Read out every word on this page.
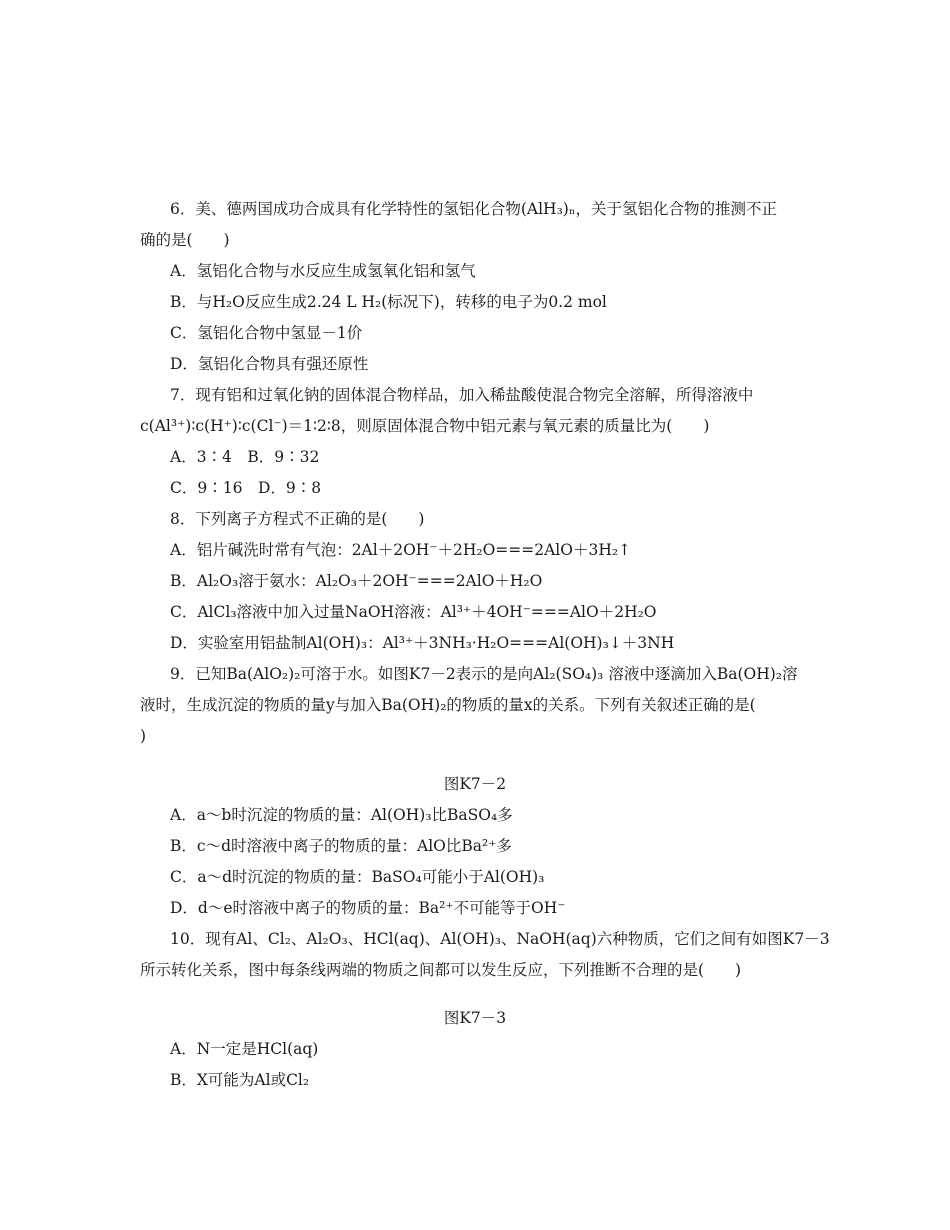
6．美、德两国成功合成具有化学特性的氢铝化合物(AlH₃)ₙ，关于氢铝化合物的推测不正
确的是(　　)
A．氢铝化合物与水反应生成氢氧化铝和氢气
B．与H₂O反应生成2.24 L H₂(标况下)，转移的电子为0.2 mol
C．氢铝化合物中氢显－1价
D．氢铝化合物具有强还原性
7．现有铝和过氧化钠的固体混合物样品，加入稀盐酸使混合物完全溶解，所得溶液中
c(Al³⁺)∶c(H⁺)∶c(Cl⁻)＝1∶2∶8，则原固体混合物中铝元素与氧元素的质量比为(　　)
A．3∶4　B．9∶32
C．9∶16　D．9∶8
8．下列离子方程式不正确的是(　　)
A．铝片碱洗时常有气泡：2Al＋2OH⁻＋2H₂O===2AlO＋3H₂↑
B．Al₂O₃溶于氨水：Al₂O₃＋2OH⁻===2AlO＋H₂O
C．AlCl₃溶液中加入过量NaOH溶液：Al³⁺＋4OH⁻===AlO＋2H₂O
D．实验室用铝盐制Al(OH)₃：Al³⁺＋3NH₃·H₂O===Al(OH)₃↓＋3NH
9．已知Ba(AlO₂)₂可溶于水。如图K7－2表示的是向Al₂(SO₄)₃ 溶液中逐滴加入Ba(OH)₂溶
液时，生成沉淀的物质的量y与加入Ba(OH)₂的物质的量x的关系。下列有关叙述正确的是(
)
图K7－2
A．a～b时沉淀的物质的量：Al(OH)₃比BaSO₄多
B．c～d时溶液中离子的物质的量：AlO比Ba²⁺多
C．a～d时沉淀的物质的量：BaSO₄可能小于Al(OH)₃
D．d～e时溶液中离子的物质的量：Ba²⁺不可能等于OH⁻
10．现有Al、Cl₂、Al₂O₃、HCl(aq)、Al(OH)₃、NaOH(aq)六种物质，它们之间有如图K7－3
所示转化关系，图中每条线两端的物质之间都可以发生反应，下列推断不合理的是(　　)
图K7－3
A．N一定是HCl(aq)
B．X可能为Al或Cl₂
